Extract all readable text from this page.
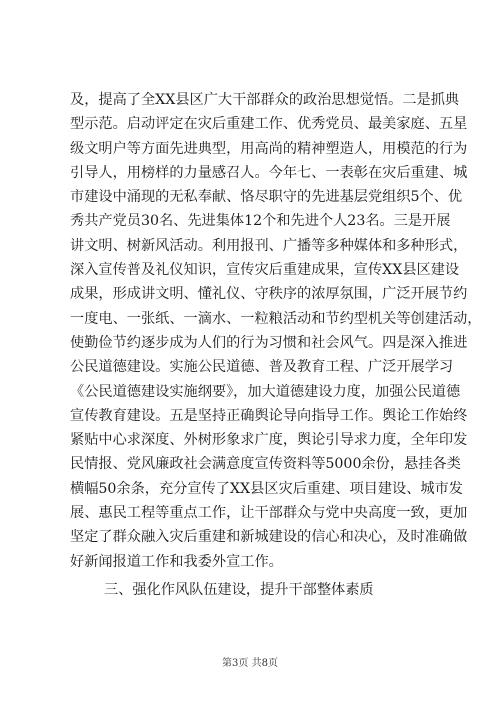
及，提高了全XX县区广大干部群众的政治思想觉悟。二是抓典
型示范。启动评定在灾后重建工作、优秀党员、最美家庭、五星
级文明户等方面先进典型，用高尚的精神塑造人，用模范的行为
引导人，用榜样的力量感召人。今年七、一表彰在灾后重建、城
市建设中涌现的无私奉献、恪尽职守的先进基层党组织5个、优
秀共产党员30名、先进集体12个和先进个人23名。三是开展
讲文明、树新风活动。利用报刊、广播等多种媒体和多种形式，
深入宣传普及礼仪知识，宣传灾后重建成果，宣传XX县区建设
成果，形成讲文明、懂礼仪、守秩序的浓厚氛围，广泛开展节约
一度电、一张纸、一滴水、一粒粮活动和节约型机关等创建活动，
使勤俭节约逐步成为人们的行为习惯和社会风气。四是深入推进
公民道德建设。实施公民道德、普及教育工程、广泛开展学习
《公民道德建设实施纲要》，加大道德建设力度，加强公民道德
宣传教育建设。五是坚持正确舆论导向指导工作。舆论工作始终
紧贴中心求深度、外树形象求广度，舆论引导求力度，全年印发
民情报、党风廉政社会满意度宣传资料等5000余份，悬挂各类
横幅50余条，充分宣传了XX县区灾后重建、项目建设、城市发
展、惠民工程等重点工作，让干部群众与党中央高度一致，更加
坚定了群众融入灾后重建和新城建设的信心和决心，及时准确做
好新闻报道工作和我委外宣工作。
三、强化作风队伍建设，提升干部整体素质
第3页 共8页
